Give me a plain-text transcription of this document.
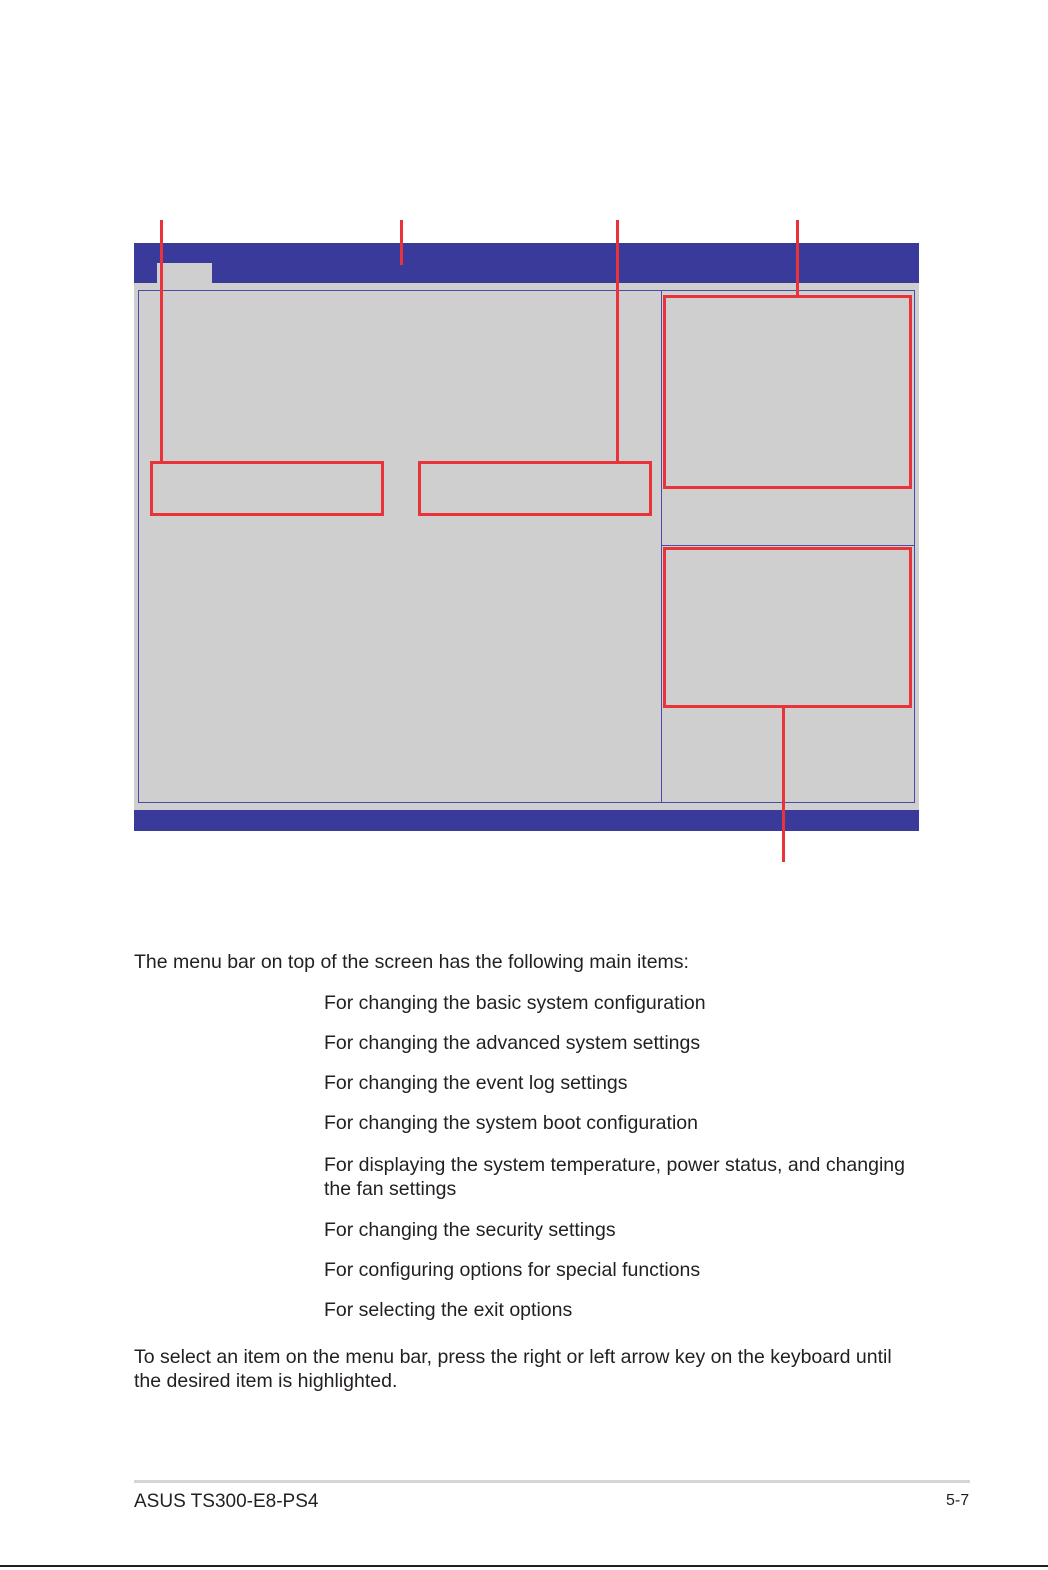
The menu bar on top of the screen has the following main items:
For changing the basic system configuration
For changing the advanced system settings
For changing the event log settings
For changing the system boot configuration
For displaying the system temperature, power status, and changing the fan settings
For changing the security settings
For configuring options for special functions
For selecting the exit options
To select an item on the menu bar, press the right or left arrow key on the keyboard until the desired item is highlighted.
ASUS TS300-E8-PS4	5-7
